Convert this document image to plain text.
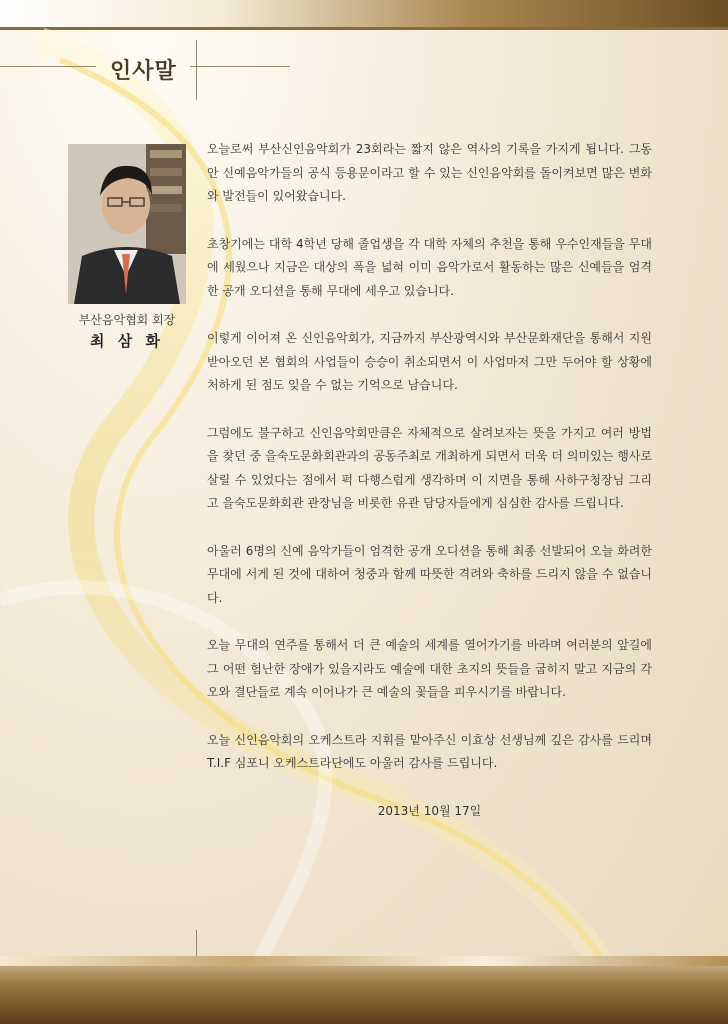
인사말
부산음악협회 회장
최 삼 화

오늘로써 부산신인음악회가 23회라는 짧지 않은 역사의 기록을 가지게 됩니다. 그동안 신예음악가들의 공식 등용문이라고 할 수 있는 신인음악회를 돌이켜보면 많은 변화와 발전들이 있어왔습니다.

초창기에는 대학 4학년 당해 졸업생을 각 대학 자체의 추천을 통해 우수인재들을 무대에 세웠으나 지금은 대상의 폭을 넓혀 이미 음악가로서 활동하는 많은 신예들을 엄격한 공개 오디션을 통해 무대에 세우고 있습니다.

이렇게 이어져 온 신인음악회가, 지금까지 부산광역시와 부산문화재단을 통해서 지원받아오던 본 협회의 사업들이 승승이 취소되면서 이 사업마저 그만 두어야 할 상황에 처하게 된 점도 잊을 수 없는 기억으로 남습니다.

그럼에도 불구하고 신인음악회만큼은 자체적으로 살려보자는 뜻을 가지고 여러 방법을 찾던 중 을숙도문화회관과의 공동주최로 개최하게 되면서 더욱 더 의미있는 행사로 살릴 수 있었다는 점에서 퍽 다행스럽게 생각하며 이 지면을 통해 사하구청장님 그리고 을숙도문화회관 관장님을 비롯한 유관 담당자들에게 심심한 감사를 드립니다.

아울러 6명의 신예 음악가들이 엄격한 공개 오디션을 통해 최종 선발되어 오늘 화려한 무대에 서게 된 것에 대하여 청중과 함께 따뜻한 격려와 축하를 드리지 않을 수 없습니다.

오늘 무대의 연주를 통해서 더 큰 예술의 세계를 열어가기를 바라며 여러분의 앞길에 그 어떤 험난한 장애가 있을지라도 예술에 대한 초지의 뜻들을 굽히지 말고 지금의 각오와 결단들로 계속 이어나가 큰 예술의 꽃들을 피우시기를 바랍니다.

오늘 신인음악회의 오케스트라 지휘를 맡아주신 이효상 선생님께 깊은 감사를 드리며 T.I.F 심포니 오케스트라단에도 아울러 감사를 드립니다.

2013년 10월 17일
